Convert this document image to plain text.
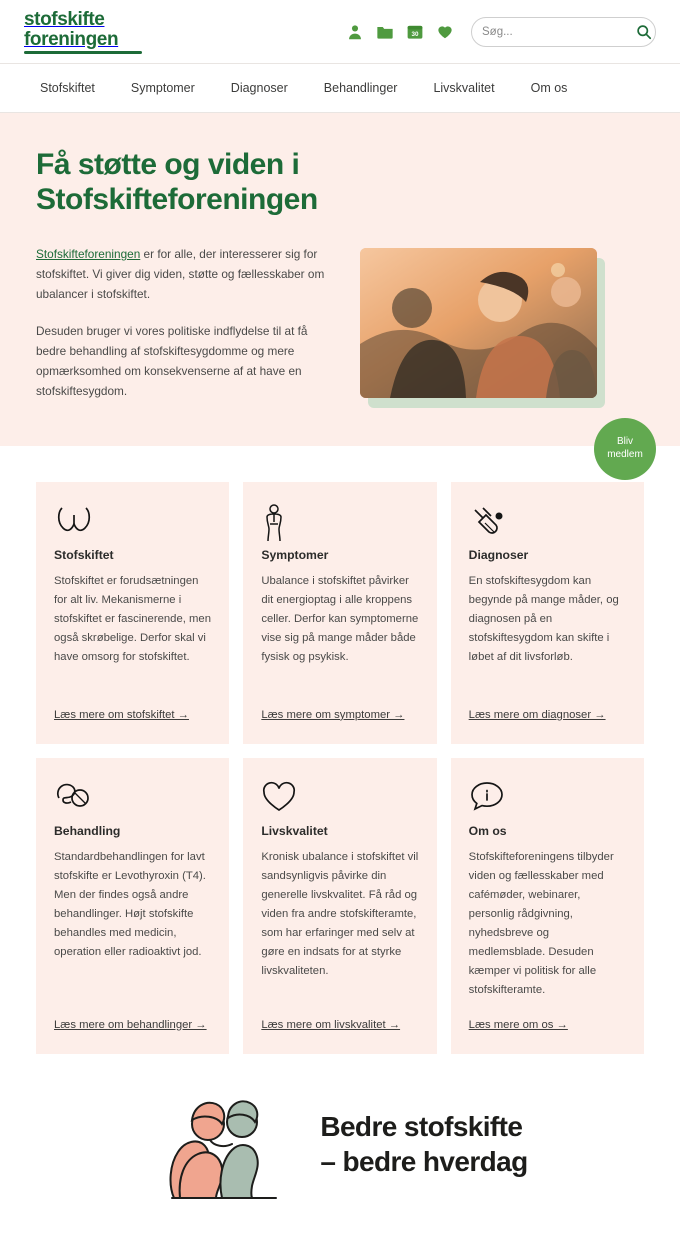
stofskifte
foreningen	30
Søg...
Stofskiftet	Symptomer	Diagnoser	Behandlinger	Livskvalitet	Om os
Få støtte og viden i Stofskifteforeningen

Stofskifteforeningen er for alle, der interesserer sig for stofskiftet. Vi giver dig viden, støtte og fællesskaber om ubalancer i stofskiftet.

Desuden bruger vi vores politiske indflydelse til at få bedre behandling af stofskiftesygdomme og mere opmærksomhed om konsekvenserne af at have en stofskiftesygdom.

Bliv
medlem
Stofskiftet

Stofskiftet er forudsætningen for alt liv. Mekanismerne i stofskiftet er fascinerende, men også skrøbelige. Derfor skal vi have omsorg for stofskiftet.

Læs mere om stofskiftet →
Symptomer

Ubalance i stofskiftet påvirker dit energioptag i alle kroppens celler. Derfor kan symptomerne vise sig på mange måder både fysisk og psykisk.

Læs mere om symptomer →
Diagnoser

En stofskiftesygdom kan begynde på mange måder, og diagnosen på en stofskiftesygdom kan skifte i løbet af dit livsforløb.

Læs mere om diagnoser →
Behandling

Standardbehandlingen for lavt stofskifte er Levothyroxin (T4). Men der findes også andre behandlinger. Højt stofskifte behandles med medicin, operation eller radioaktivt jod.

Læs mere om behandlinger →
Livskvalitet

Kronisk ubalance i stofskiftet vil sandsynligvis påvirke din generelle livskvalitet. Få råd og viden fra andre stofskifteramte, som har erfaringer med selv at gøre en indsats for at styrke livskvaliteten.

Læs mere om livskvalitet →
Om os

Stofskifteforeningens tilbyder viden og fællesskaber med cafémøder, webinarer, personlig rådgivning, nyhedsbreve og medlemsblade. Desuden kæmper vi politisk for alle stofskifteramte.

Læs mere om os →
Bedre stofskifte
– bedre hverdag
